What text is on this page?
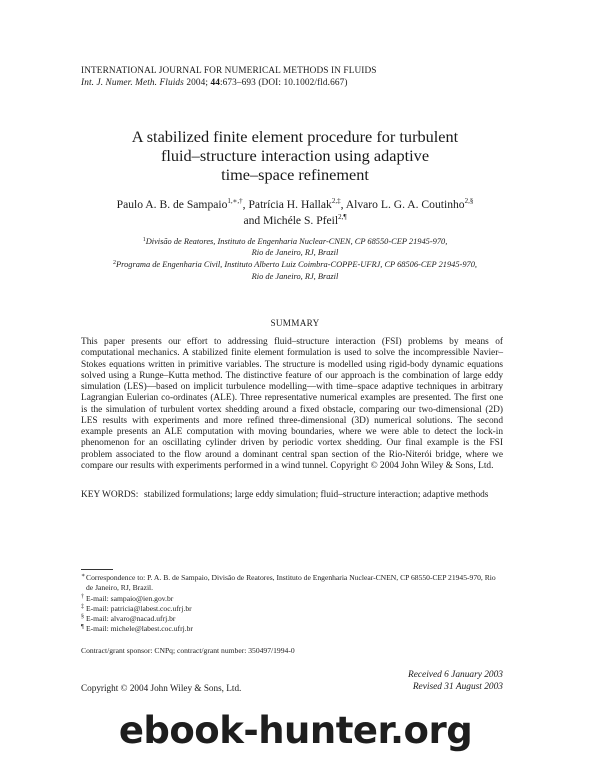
INTERNATIONAL JOURNAL FOR NUMERICAL METHODS IN FLUIDS
Int. J. Numer. Meth. Fluids 2004; 44:673–693 (DOI: 10.1002/fld.667)
A stabilized finite element procedure for turbulent
fluid–structure interaction using adaptive
time–space refinement
Paulo A. B. de Sampaio$^{1,∗,\dagger}$, Patrícia H. Hallak$^{2,\ddagger}$, Alvaro L. G. A. Coutinho$^{2,\S}$
and Michéle S. Pfeil$^{2,\P}$
$^1$Divisão de Reatores, Instituto de Engenharia Nuclear-CNEN, CP 68550-CEP 21945-970,
Rio de Janeiro, RJ, Brazil
$^2$Programa de Engenharia Civil, Instituto Alberto Luiz Coimbra-COPPE-UFRJ, CP 68506-CEP 21945-970,
Rio de Janeiro, RJ, Brazil
SUMMARY
This paper presents our effort to addressing fluid–structure interaction (FSI) problems by means of computational mechanics. A stabilized finite element formulation is used to solve the incompressible Navier–Stokes equations written in primitive variables. The structure is modelled using rigid-body dynamic equations solved using a Runge–Kutta method. The distinctive feature of our approach is the combination of large eddy simulation (LES)—based on implicit turbulence modelling—with time–space adaptive techniques in arbitrary Lagrangian Eulerian co-ordinates (ALE). Three representative numerical examples are presented. The first one is the simulation of turbulent vortex shedding around a fixed obstacle, comparing our two-dimensional (2D) LES results with experiments and more refined three-dimensional (3D) numerical solutions. The second example presents an ALE computation with moving boundaries, where we were able to detect the lock-in phenomenon for an oscillating cylinder driven by periodic vortex shedding. Our final example is the FSI problem associated to the flow around a dominant central span section of the Rio-Niterói bridge, where we compare our results with experiments performed in a wind tunnel. Copyright © 2004 John Wiley & Sons, Ltd.
KEY WORDS: stabilized formulations; large eddy simulation; fluid–structure interaction; adaptive methods
∗ Correspondence to: P. A. B. de Sampaio, Divisão de Reatores, Instituto de Engenharia Nuclear-CNEN, CP 68550-CEP 21945-970, Rio de Janeiro, RJ, Brazil.
† E-mail: sampaio@ien.gov.br
‡ E-mail: patricia@labest.coc.ufrj.br
§ E-mail: alvaro@nacad.ufrj.br
¶ E-mail: michele@labest.coc.ufrj.br
Contract/grant sponsor: CNPq; contract/grant number: 350497/1994-0
Received 6 January 2003
Revised 31 August 2003
Copyright © 2004 John Wiley & Sons, Ltd.
ebook-hunter.org
